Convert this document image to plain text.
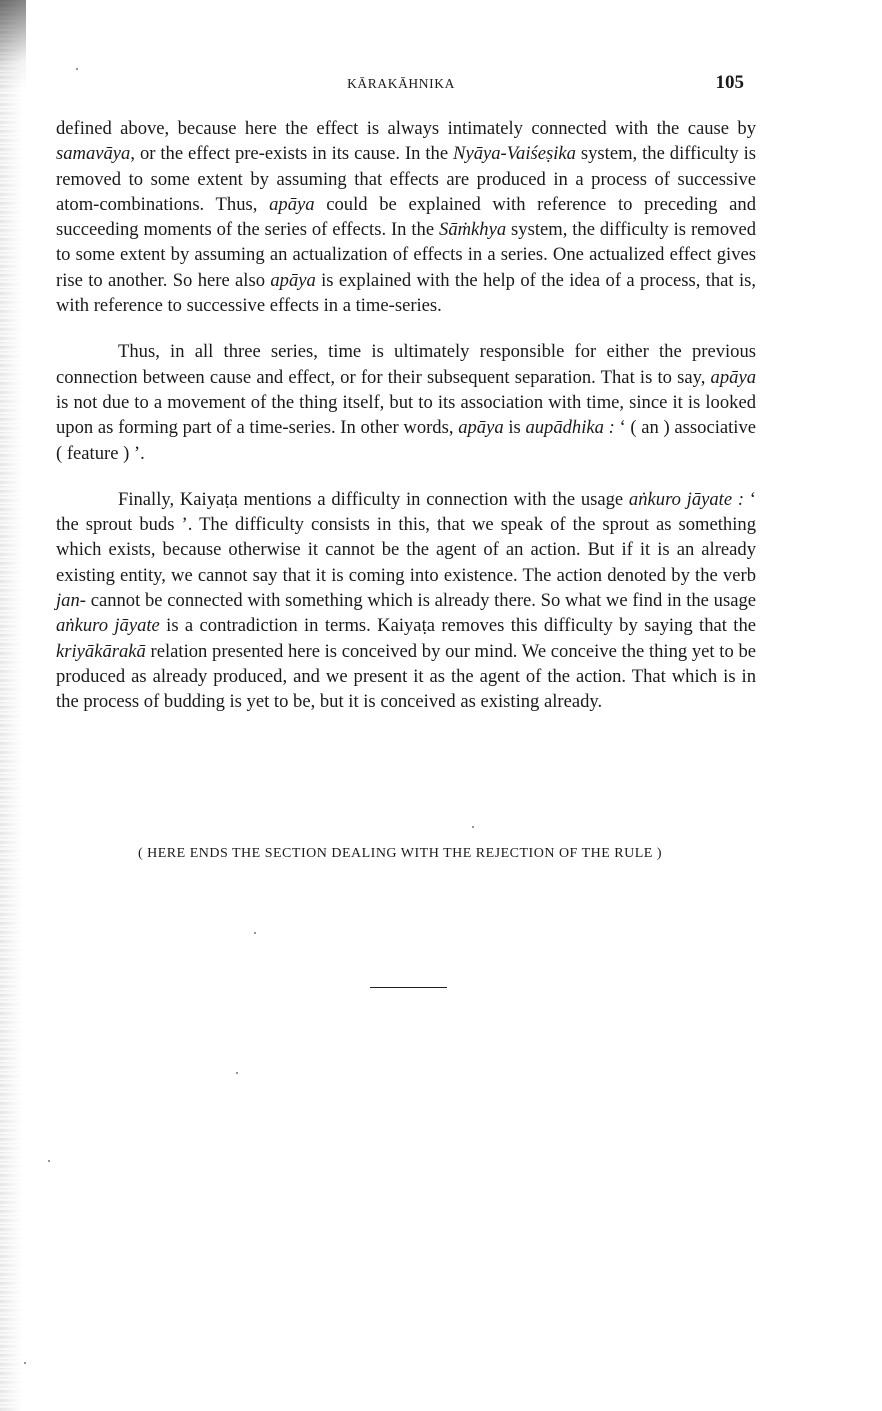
KĀRAKĀHNIKA	105

defined above, because here the effect is always intimately connected with the cause by samavāya, or the effect pre-exists in its cause. In the Nyāya-Vaiśeṣika system, the difficulty is removed to some extent by assuming that effects are produced in a process of successive atom-combinations. Thus, apāya could be explained with reference to preceding and succeeding moments of the series of effects. In the Sāṁkhya system, the difficulty is removed to some extent by assuming an actualization of effects in a series. One actualized effect gives rise to another. So here also apāya is explained with the help of the idea of a process, that is, with reference to successive effects in a time-series.

Thus, in all three series, time is ultimately responsible for either the previous connection between cause and effect, or for their subsequent separation. That is to say, apāya is not due to a movement of the thing itself, but to its association with time, since it is looked upon as forming part of a time-series. In other words, apāya is aupādhika : ‘ ( an ) associative ( feature ) ’.

Finally, Kaiyaṭa mentions a difficulty in connection with the usage aṅkuro jāyate : ‘ the sprout buds ’. The difficulty consists in this, that we speak of the sprout as something which exists, because otherwise it cannot be the agent of an action. But if it is an already existing entity, we cannot say that it is coming into existence. The action denoted by the verb jan- cannot be connected with something which is already there. So what we find in the usage aṅkuro jāyate is a contradiction in terms. Kaiyaṭa removes this difficulty by saying that the kriyākārakā relation presented here is conceived by our mind. We conceive the thing yet to be produced as already produced, and we present it as the agent of the action. That which is in the process of budding is yet to be, but it is conceived as existing already.

( HERE ENDS THE SECTION DEALING WITH THE REJECTION OF THE RULE )
